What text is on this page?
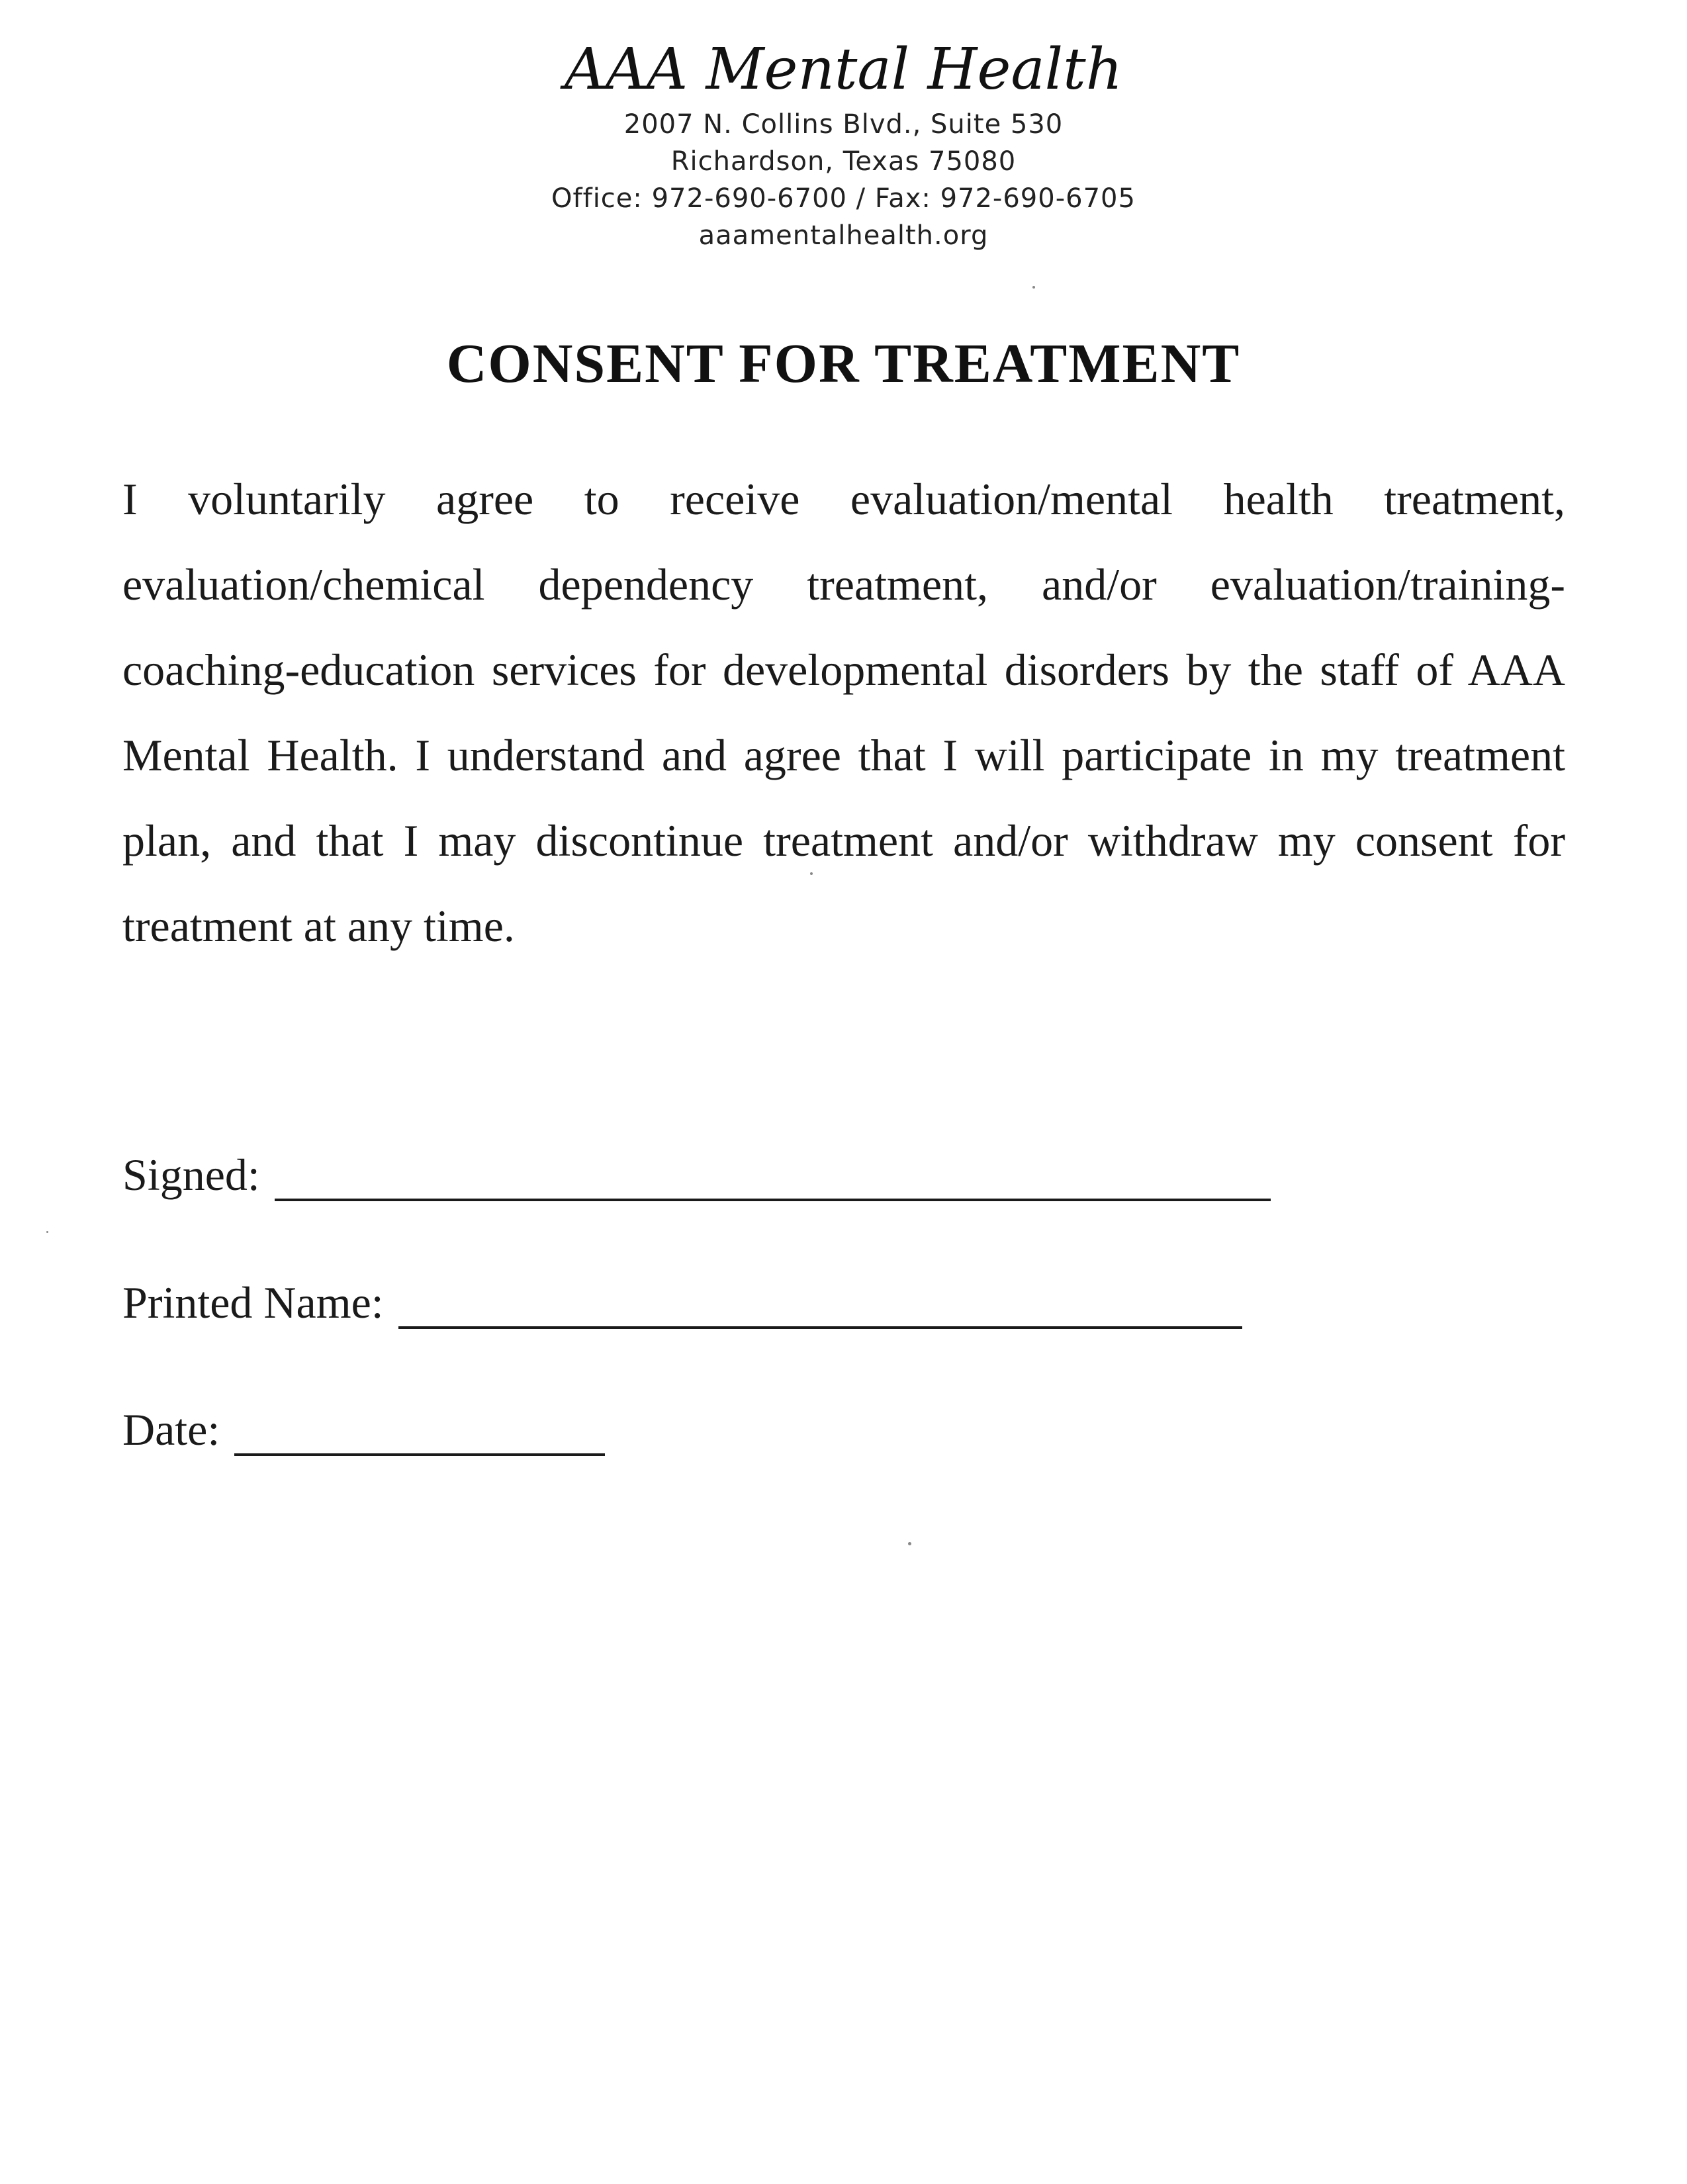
AAA Mental Health

2007 N. Collins Blvd., Suite 530

Richardson, Texas 75080

Office: 972-690-6700 / Fax: 972-690-6705

aaamentalhealth.org

CONSENT FOR TREATMENT

I voluntarily agree to receive evaluation/mental health treatment, evaluation/chemical dependency treatment, and/or evaluation/training-coaching-education services for developmental disorders by the staff of AAA Mental Health. I understand and agree that I will participate in my treatment plan, and that I may discontinue treatment and/or withdraw my consent for treatment at any time.

Signed:
Printed Name:
Date:
